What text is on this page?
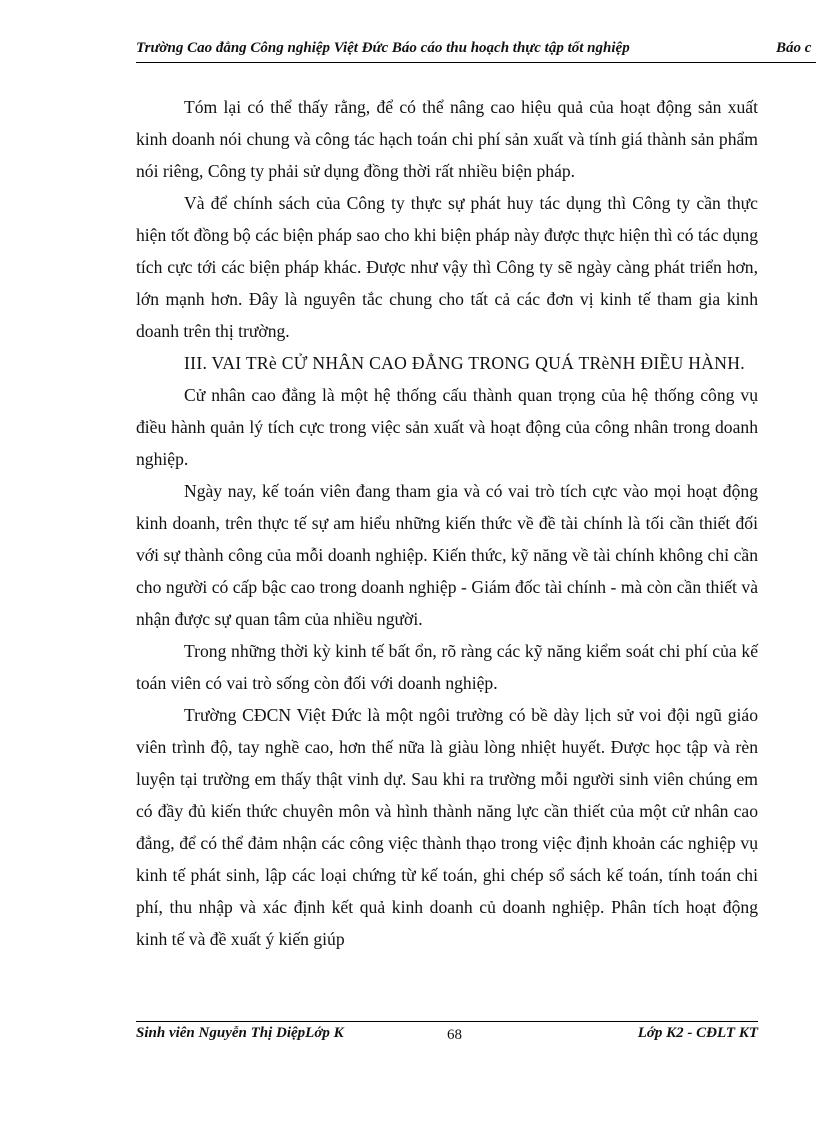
Trường Cao đẳng Công nghiệp Việt Đức Báo cáo thu hoạch thực tập tốt nghiệp	Báo c

Tóm lại có thể thấy rằng, để có thể nâng cao hiệu quả của hoạt động sản xuất kinh doanh nói chung và công tác hạch toán chi phí sản xuất và tính giá thành sản phẩm nói riêng, Công ty phải sử dụng đồng thời rất nhiều biện pháp.

Và để chính sách của Công ty thực sự phát huy tác dụng thì Công ty cần thực hiện tốt đồng bộ các biện pháp sao cho khi biện pháp này được thực hiện thì có tác dụng tích cực tới các biện pháp khác. Được như vậy thì Công ty sẽ ngày càng phát triển hơn, lớn mạnh hơn. Đây là nguyên tắc chung cho tất cả các đơn vị kinh tế tham gia kinh doanh trên thị trường.

III. VAI TRè CỬ NHÂN CAO ĐẲNG TRONG QUÁ TRèNH ĐIỀU HÀNH.

Cử nhân cao đẳng là một hệ thống cấu thành quan trọng của hệ thống công vụ điều hành quản lý tích cực trong việc sản xuất và hoạt động của công nhân trong doanh nghiệp.

Ngày nay, kế toán viên đang tham gia và có vai trò tích cực vào mọi hoạt động kinh doanh, trên thực tế sự am hiểu những kiến thức về đề tài chính là tối cần thiết đối với sự thành công của mỗi doanh nghiệp. Kiến thức, kỹ năng về tài chính không chỉ cần cho người có cấp bậc cao trong doanh nghiệp - Giám đốc tài chính - mà còn cần thiết và nhận được sự quan tâm của nhiều người.

Trong những thời kỳ kinh tế bất ổn, rõ ràng các kỹ năng kiểm soát chi phí của kế toán viên có vai trò sống còn đối với doanh nghiệp.

Trường CĐCN Việt Đức là một ngôi trường có bề dày lịch sử voi đội ngũ giáo viên trình độ, tay nghề cao, hơn thế nữa là giàu lòng nhiệt huyết. Được học tập và rèn luyện tại trường em thấy thật vinh dự. Sau khi ra trường mỗi người sinh viên chúng em có đầy đủ kiến thức chuyên môn và hình thành năng lực cần thiết của một cử nhân cao đẳng, để có thể đảm nhận các công việc thành thạo trong việc định khoản các nghiệp vụ kinh tế phát sinh, lập các loại chứng từ kế toán, ghi chép sổ sách kế toán, tính toán chi phí, thu nhập và xác định kết quả kinh doanh củ doanh nghiệp. Phân tích hoạt động kinh tế và đề xuất ý kiến giúp

Sinh viên Nguyễn Thị DiệpLớp K	68	Lớp K2 - CĐLT KT
